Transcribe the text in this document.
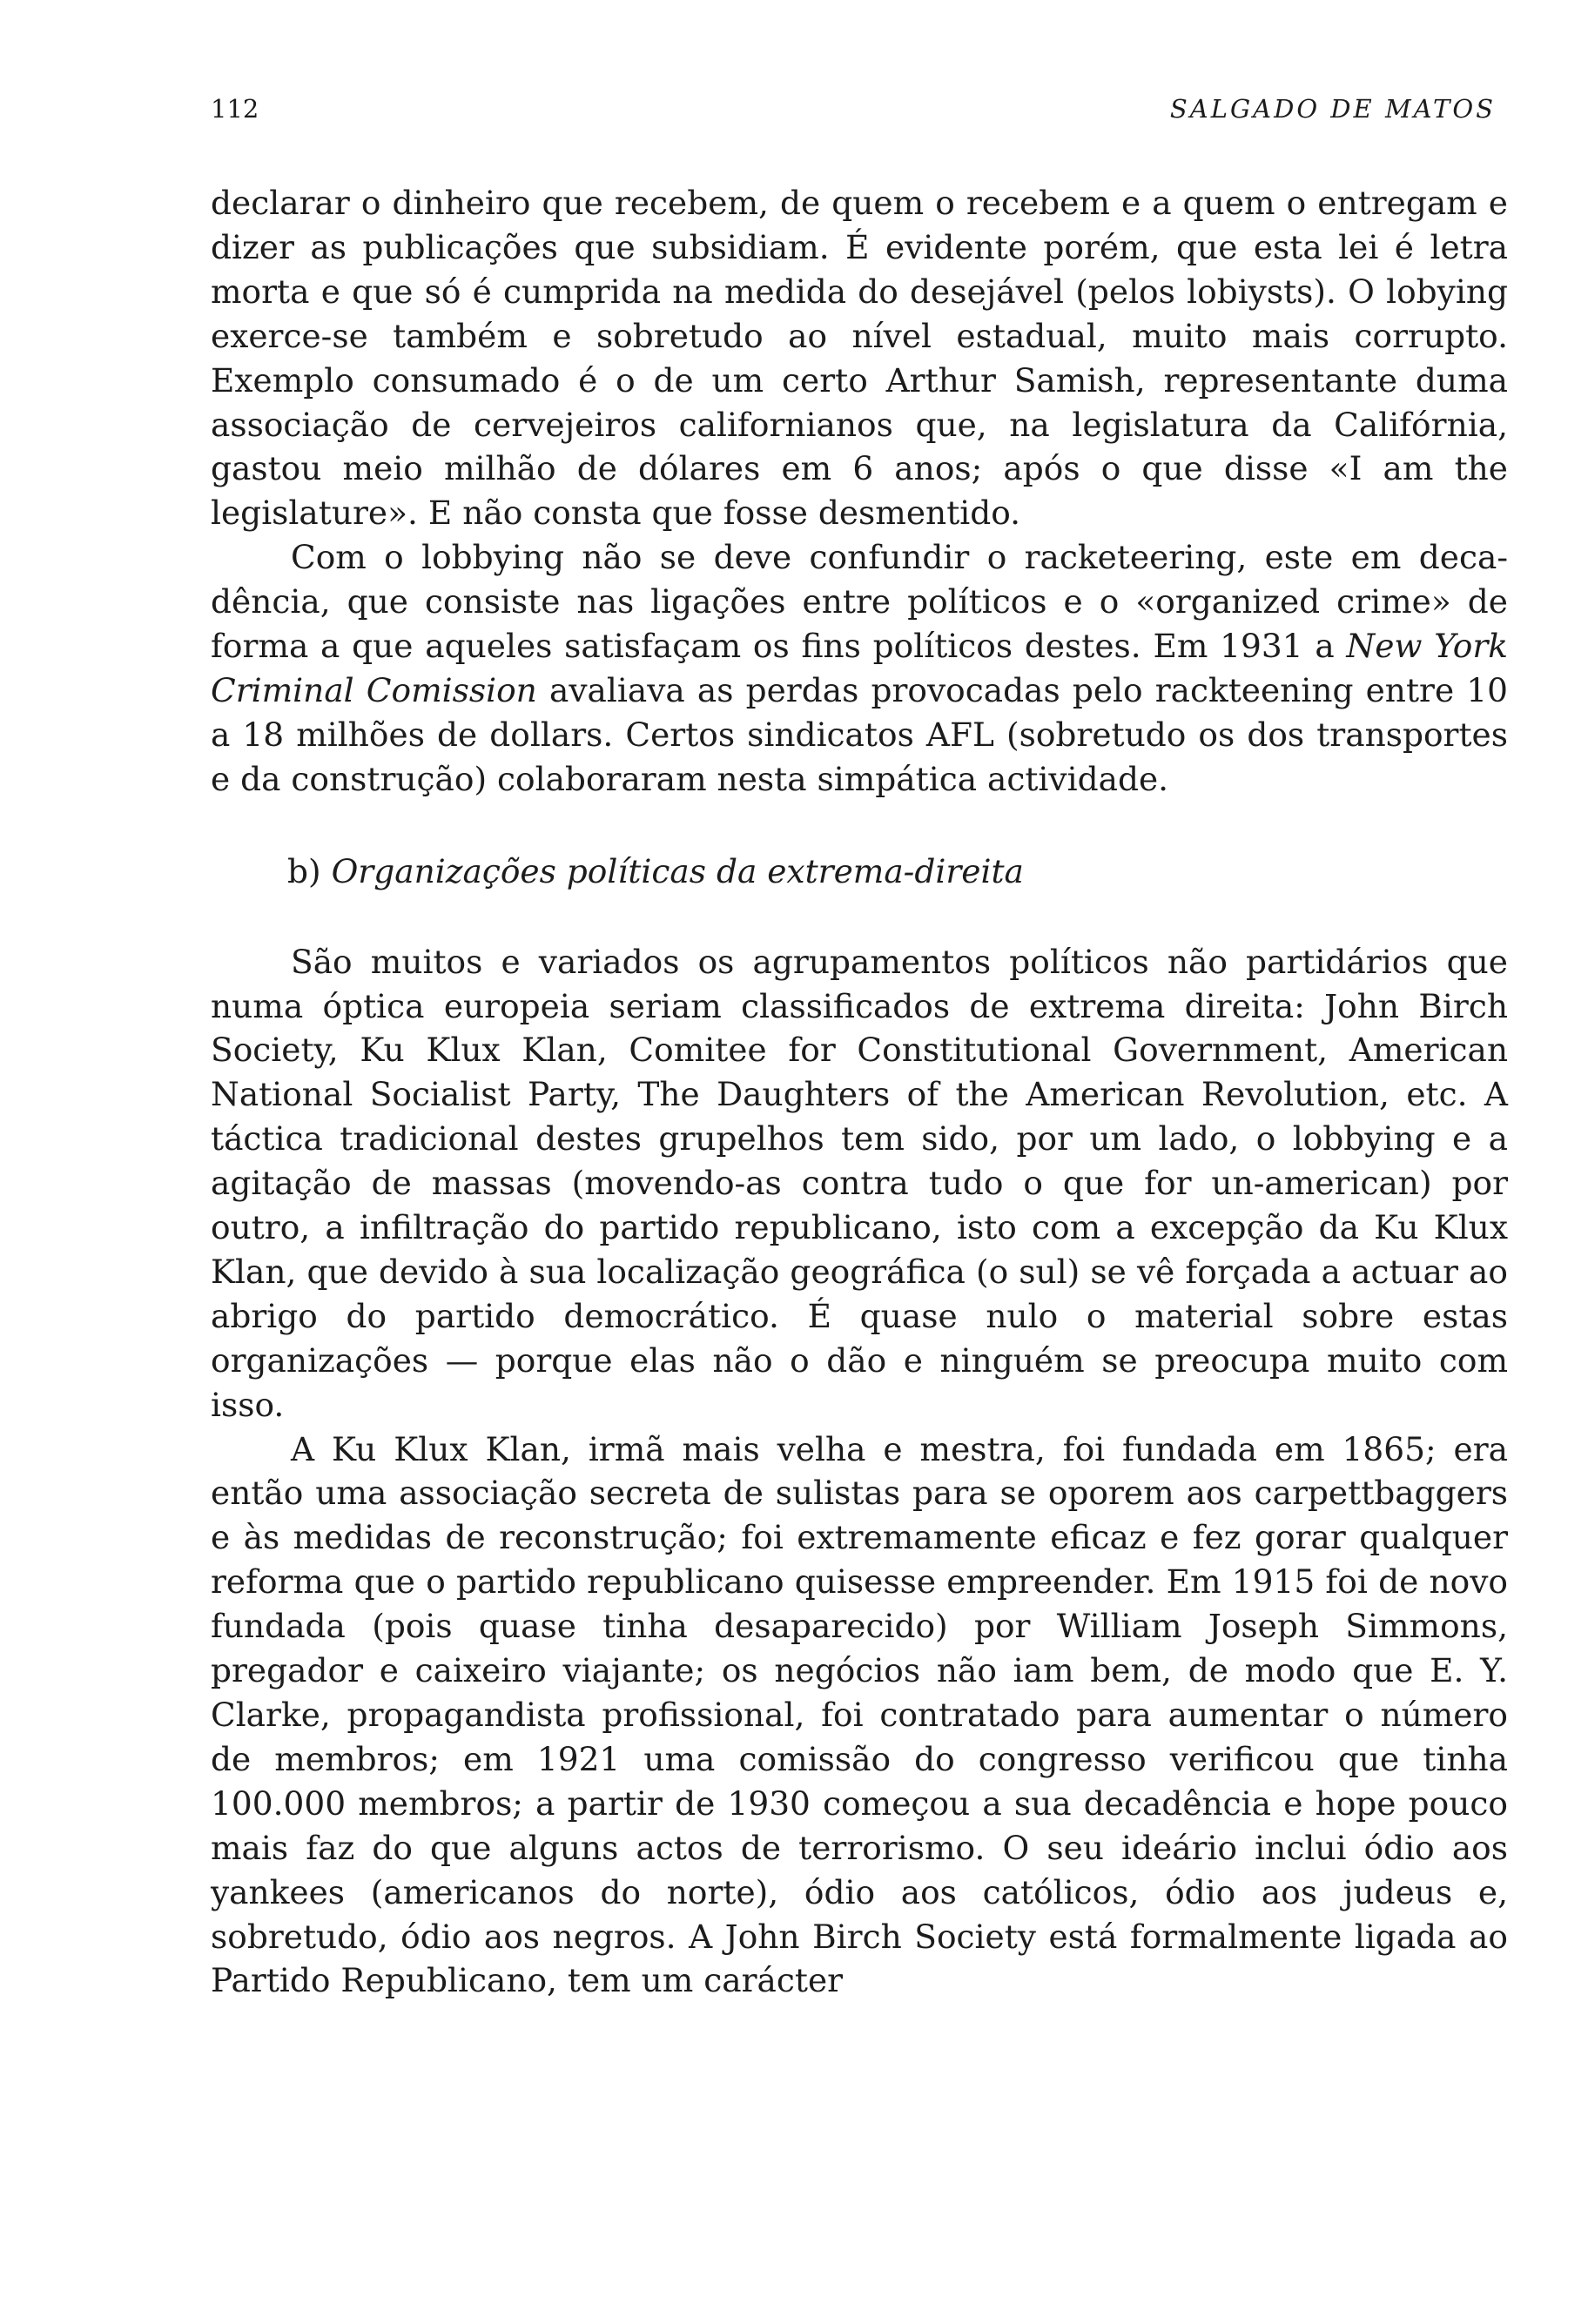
112	SALGADO DE MATOS

declarar o dinheiro que recebem, de quem o recebem e a quem o entregam e dizer as publicações que subsidiam. É evidente porém, que esta lei é letra morta e que só é cumprida na medida do desejável (pelos lobiysts). O lobying exerce-se também e sobretudo ao nível estadual, muito mais corrupto. Exemplo consumado é o de um certo Arthur Samish, representante duma associação de cervejeiros californianos que, na legislatura da Califórnia, gastou meio milhão de dólares em 6 anos; após o que disse «I am the legislature». E não consta que fosse desmentido.

Com o lobbying não se deve confundir o racketeering, este em decadência, que consiste nas ligações entre políticos e o «organized crime» de forma a que aqueles satisfaçam os fins políticos destes. Em 1931 a New York Criminal Comission avaliava as perdas provocadas pelo rackteening entre 10 a 18 milhões de dollars. Certos sindicatos AFL (sobretudo os dos transportes e da construção) colaboraram nesta simpática actividade.

b) Organizações políticas da extrema-direita

São muitos e variados os agrupamentos políticos não partidários que numa óptica europeia seriam classificados de extrema direita: John Birch Society, Ku Klux Klan, Comitee for Constitutional Government, American National Socialist Party, The Daughters of the American Revolution, etc. A táctica tradicional destes grupelhos tem sido, por um lado, o lobbying e a agitação de massas (movendo-as contra tudo o que for un-american) por outro, a infiltração do partido republicano, isto com a excepção da Ku Klux Klan, que devido à sua localização geográfica (o sul) se vê forçada a actuar ao abrigo do partido democrático. É quase nulo o material sobre estas organizações — porque elas não o dão e ninguém se preocupa muito com isso.

A Ku Klux Klan, irmã mais velha e mestra, foi fundada em 1865; era então uma associação secreta de sulistas para se oporem aos carpettbaggers e às medidas de reconstrução; foi extremamente eficaz e fez gorar qualquer reforma que o partido republicano quisesse empreender. Em 1915 foi de novo fundada (pois quase tinha desaparecido) por William Joseph Simmons, pregador e caixeiro viajante; os negócios não iam bem, de modo que E. Y. Clarke, propagandista profissional, foi contratado para aumentar o número de membros; em 1921 uma comissão do congresso verificou que tinha 100.000 membros; a partir de 1930 começou a sua decadência e hope pouco mais faz do que alguns actos de terrorismo. O seu ideário inclui ódio aos yankees (americanos do norte), ódio aos católicos, ódio aos judeus e, sobretudo, ódio aos negros. A John Birch Society está formalmente ligada ao Partido Republicano, tem um carácter
